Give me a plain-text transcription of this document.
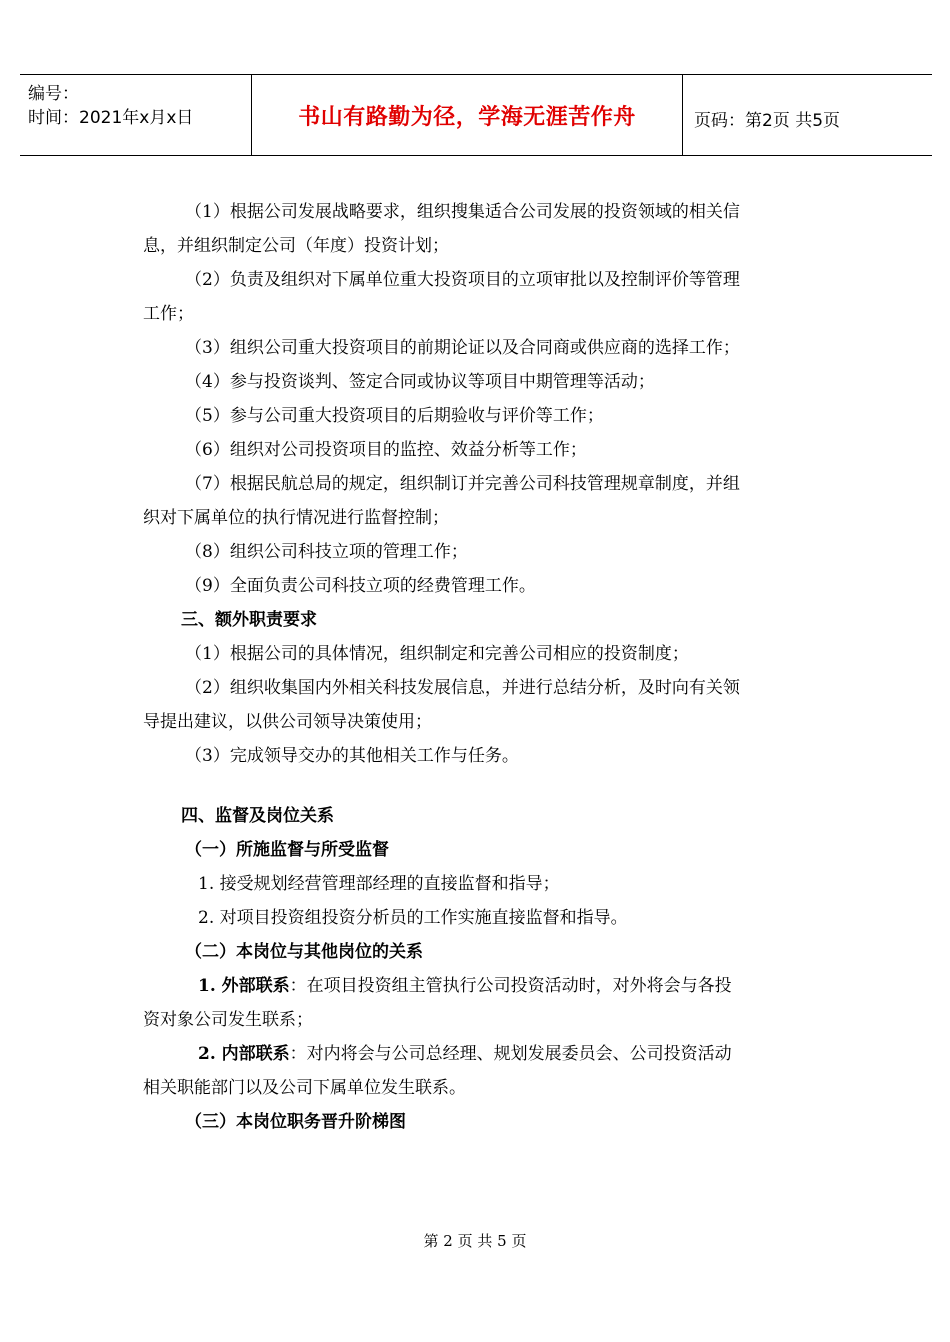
编号：
时间：2021年x月x日	书山有路勤为径，学海无涯苦作舟	页码：第2页 共5页

（1）根据公司发展战略要求，组织搜集适合公司发展的投资领域的相关信

息，并组织制定公司（年度）投资计划；

（2）负责及组织对下属单位重大投资项目的立项审批以及控制评价等管理

工作；

（3）组织公司重大投资项目的前期论证以及合同商或供应商的选择工作；

（4）参与投资谈判、签定合同或协议等项目中期管理等活动；

（5）参与公司重大投资项目的后期验收与评价等工作；

（6）组织对公司投资项目的监控、效益分析等工作；

（7）根据民航总局的规定，组织制订并完善公司科技管理规章制度，并组

织对下属单位的执行情况进行监督控制；

（8）组织公司科技立项的管理工作；

（9）全面负责公司科技立项的经费管理工作。

三、额外职责要求

（1）根据公司的具体情况，组织制定和完善公司相应的投资制度；

（2）组织收集国内外相关科技发展信息，并进行总结分析，及时向有关领

导提出建议，以供公司领导决策使用；

（3）完成领导交办的其他相关工作与任务。

四、监督及岗位关系

（一）所施监督与所受监督

1. 接受规划经营管理部经理的直接监督和指导；

2. 对项目投资组投资分析员的工作实施直接监督和指导。

（二）本岗位与其他岗位的关系

1. 外部联系：在项目投资组主管执行公司投资活动时，对外将会与各投

资对象公司发生联系；

2. 内部联系：对内将会与公司总经理、规划发展委员会、公司投资活动

相关职能部门以及公司下属单位发生联系。

（三）本岗位职务晋升阶梯图

第 2 页 共 5 页
